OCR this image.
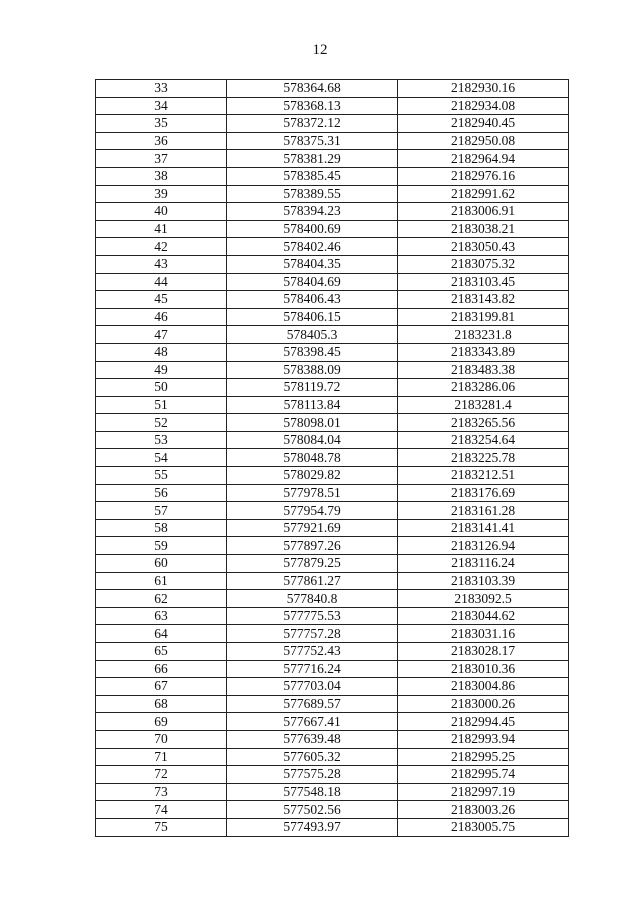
12
33	578364.68	2182930.16
34	578368.13	2182934.08
35	578372.12	2182940.45
36	578375.31	2182950.08
37	578381.29	2182964.94
38	578385.45	2182976.16
39	578389.55	2182991.62
40	578394.23	2183006.91
41	578400.69	2183038.21
42	578402.46	2183050.43
43	578404.35	2183075.32
44	578404.69	2183103.45
45	578406.43	2183143.82
46	578406.15	2183199.81
47	578405.3	2183231.8
48	578398.45	2183343.89
49	578388.09	2183483.38
50	578119.72	2183286.06
51	578113.84	2183281.4
52	578098.01	2183265.56
53	578084.04	2183254.64
54	578048.78	2183225.78
55	578029.82	2183212.51
56	577978.51	2183176.69
57	577954.79	2183161.28
58	577921.69	2183141.41
59	577897.26	2183126.94
60	577879.25	2183116.24
61	577861.27	2183103.39
62	577840.8	2183092.5
63	577775.53	2183044.62
64	577757.28	2183031.16
65	577752.43	2183028.17
66	577716.24	2183010.36
67	577703.04	2183004.86
68	577689.57	2183000.26
69	577667.41	2182994.45
70	577639.48	2182993.94
71	577605.32	2182995.25
72	577575.28	2182995.74
73	577548.18	2182997.19
74	577502.56	2183003.26
75	577493.97	2183005.75
